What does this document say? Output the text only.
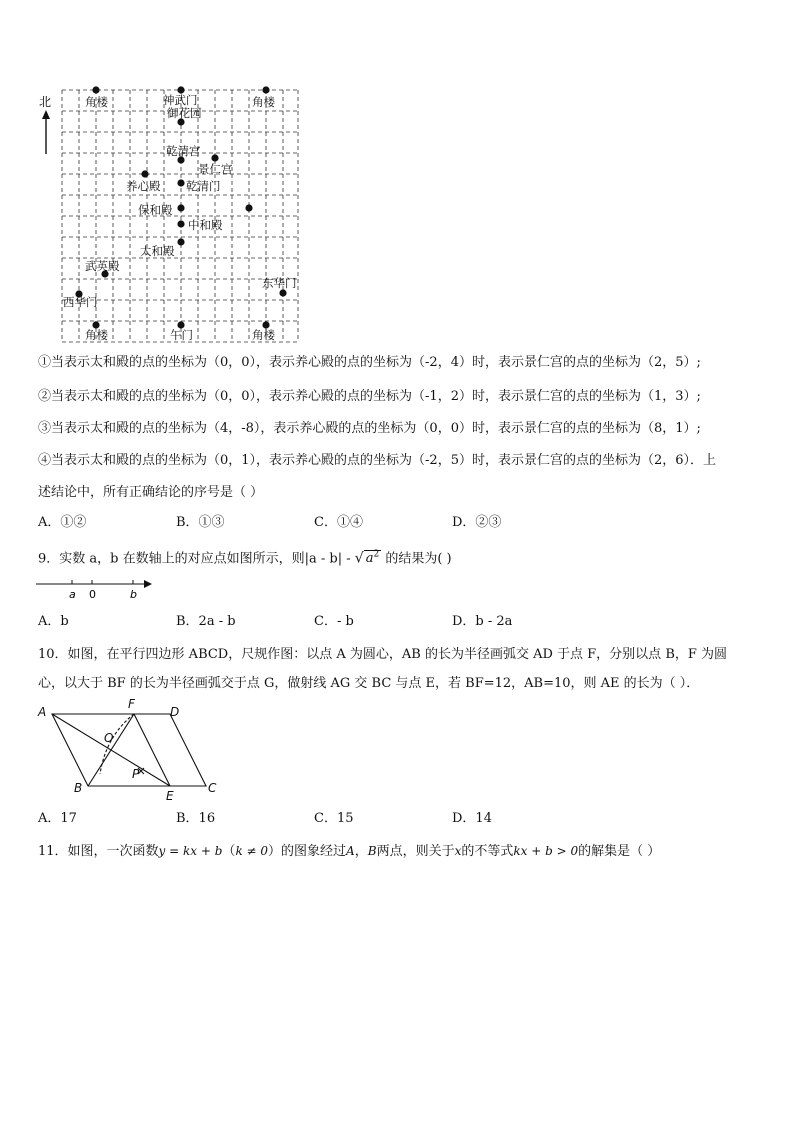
北	角楼	神武门
御花园
角楼
乾清宫
景仁宫
养心殿 乾清门
保和殿
中和殿
太和殿
武英殿
东华门
西华门
角楼	午门	角楼
①当表示太和殿的点的坐标为（0，0），表示养心殿的点的坐标为（-2，4）时，表示景仁宫的点的坐标为（2，5）;
②当表示太和殿的点的坐标为（0，0），表示养心殿的点的坐标为（-1，2）时，表示景仁宫的点的坐标为（1，3）;
③当表示太和殿的点的坐标为（4，-8），表示养心殿的点的坐标为（0，0）时，表示景仁宫的点的坐标为（8，1）;
④当表示太和殿的点的坐标为（0，1），表示养心殿的点的坐标为（-2，5）时，表示景仁宫的点的坐标为（2，6）．上
述结论中，所有正确结论的序号是（ ）
A．①②	B．①③	C．①④	D．②③
9．实数 a，b 在数轴上的对应点如图所示，则|a - b| - √ $a^2$ 的结果为( )
a 0	b
A．b	B．2a - b	C．- b	D．b - 2a
10．如图，在平行四边形 ABCD，尺规作图：以点 A 为圆心，AB 的长为半径画弧交 AD 于点 F，分别以点 B，F 为圆
心，以大于 BF 的长为半径画弧交于点 G，做射线 AG 交 BC 与点 E，若 BF=12，AB=10，则 AE 的长为（ ）．
A
F
D
O
P
B
E
C
A．17	B．16	C．15	D．14
11．如图，一次函数y = kx + b（k ≠ 0）的图象经过A，B两点，则关于x的不等式kx + b > 0的解集是（ ）
